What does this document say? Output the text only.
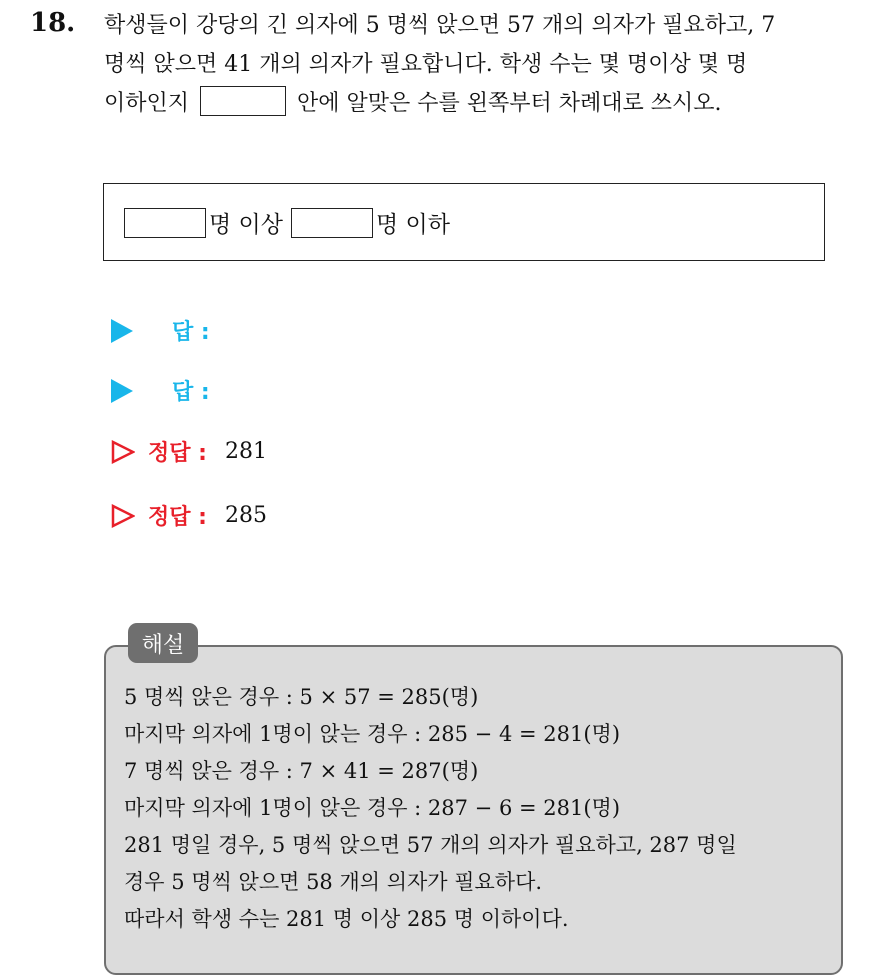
18. 학생들이 강당의 긴 의자에 5 명씩 앉으면 57 개의 의자가 필요하고, 7
명씩 앉으면 41 개의 의자가 필요합니다. 학생 수는 몇 명이상 몇 명
이하인지	안에 알맞은 수를 왼쪽부터 차례대로 쓰시오.
명 이상	명 이하
답 :
답 :
정답 : 281
정답 : 285
해설
5 명씩 앉은 경우 : 5 × 57 = 285(명)
마지막 의자에 1명이 앉는 경우 : 285 − 4 = 281(명)
7 명씩 앉은 경우 : 7 × 41 = 287(명)
마지막 의자에 1명이 앉은 경우 : 287 − 6 = 281(명)
281 명일 경우, 5 명씩 앉으면 57 개의 의자가 필요하고, 287 명일
경우 5 명씩 앉으면 58 개의 의자가 필요하다.
따라서 학생 수는 281 명 이상 285 명 이하이다.
